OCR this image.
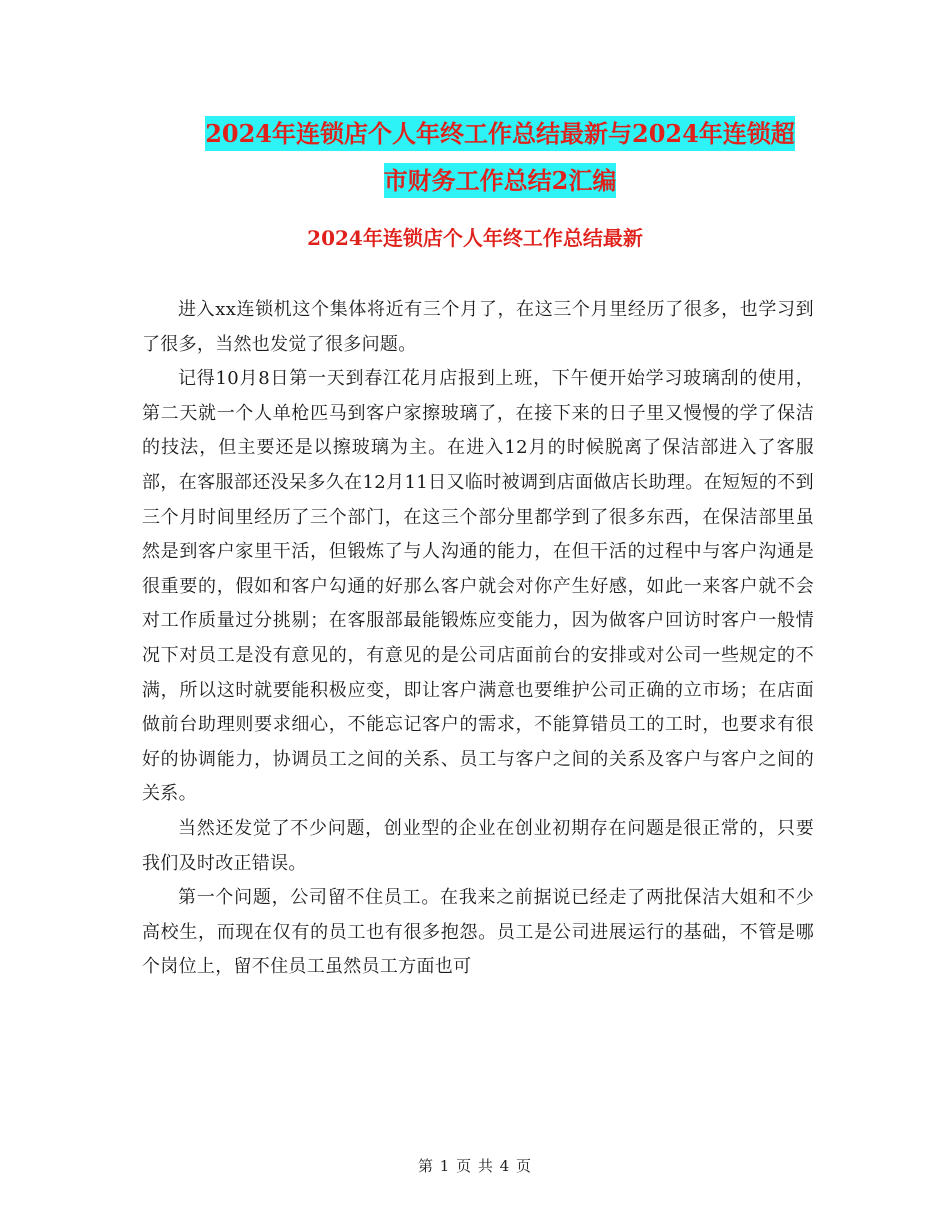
2024年连锁店个人年终工作总结最新与2024年连锁超
市财务工作总结2汇编
2024年连锁店个人年终工作总结最新

进入xx连锁机这个集体将近有三个月了，在这三个月里经历了很多，也学习到了很多，当然也发觉了很多问题。

记得10月8日第一天到春江花月店报到上班，下午便开始学习玻璃刮的使用，第二天就一个人单枪匹马到客户家擦玻璃了，在接下来的日子里又慢慢的学了保洁的技法，但主要还是以擦玻璃为主。在进入12月的时候脱离了保洁部进入了客服部，在客服部还没呆多久在12月11日又临时被调到店面做店长助理。在短短的不到三个月时间里经历了三个部门，在这三个部分里都学到了很多东西，在保洁部里虽然是到客户家里干活，但锻炼了与人沟通的能力，在但干活的过程中与客户沟通是很重要的，假如和客户勾通的好那么客户就会对你产生好感，如此一来客户就不会对工作质量过分挑剔；在客服部最能锻炼应变能力，因为做客户回访时客户一般情况下对员工是没有意见的，有意见的是公司店面前台的安排或对公司一些规定的不满，所以这时就要能积极应变，即让客户满意也要维护公司正确的立市场；在店面做前台助理则要求细心，不能忘记客户的需求，不能算错员工的工时，也要求有很好的协调能力，协调员工之间的关系、员工与客户之间的关系及客户与客户之间的关系。

当然还发觉了不少问题，创业型的企业在创业初期存在问题是很正常的，只要我们及时改正错误。

第一个问题，公司留不住员工。在我来之前据说已经走了两批保洁大姐和不少高校生，而现在仅有的员工也有很多抱怨。员工是公司进展运行的基础，不管是哪个岗位上，留不住员工虽然员工方面也可

第 1 页 共 4 页
